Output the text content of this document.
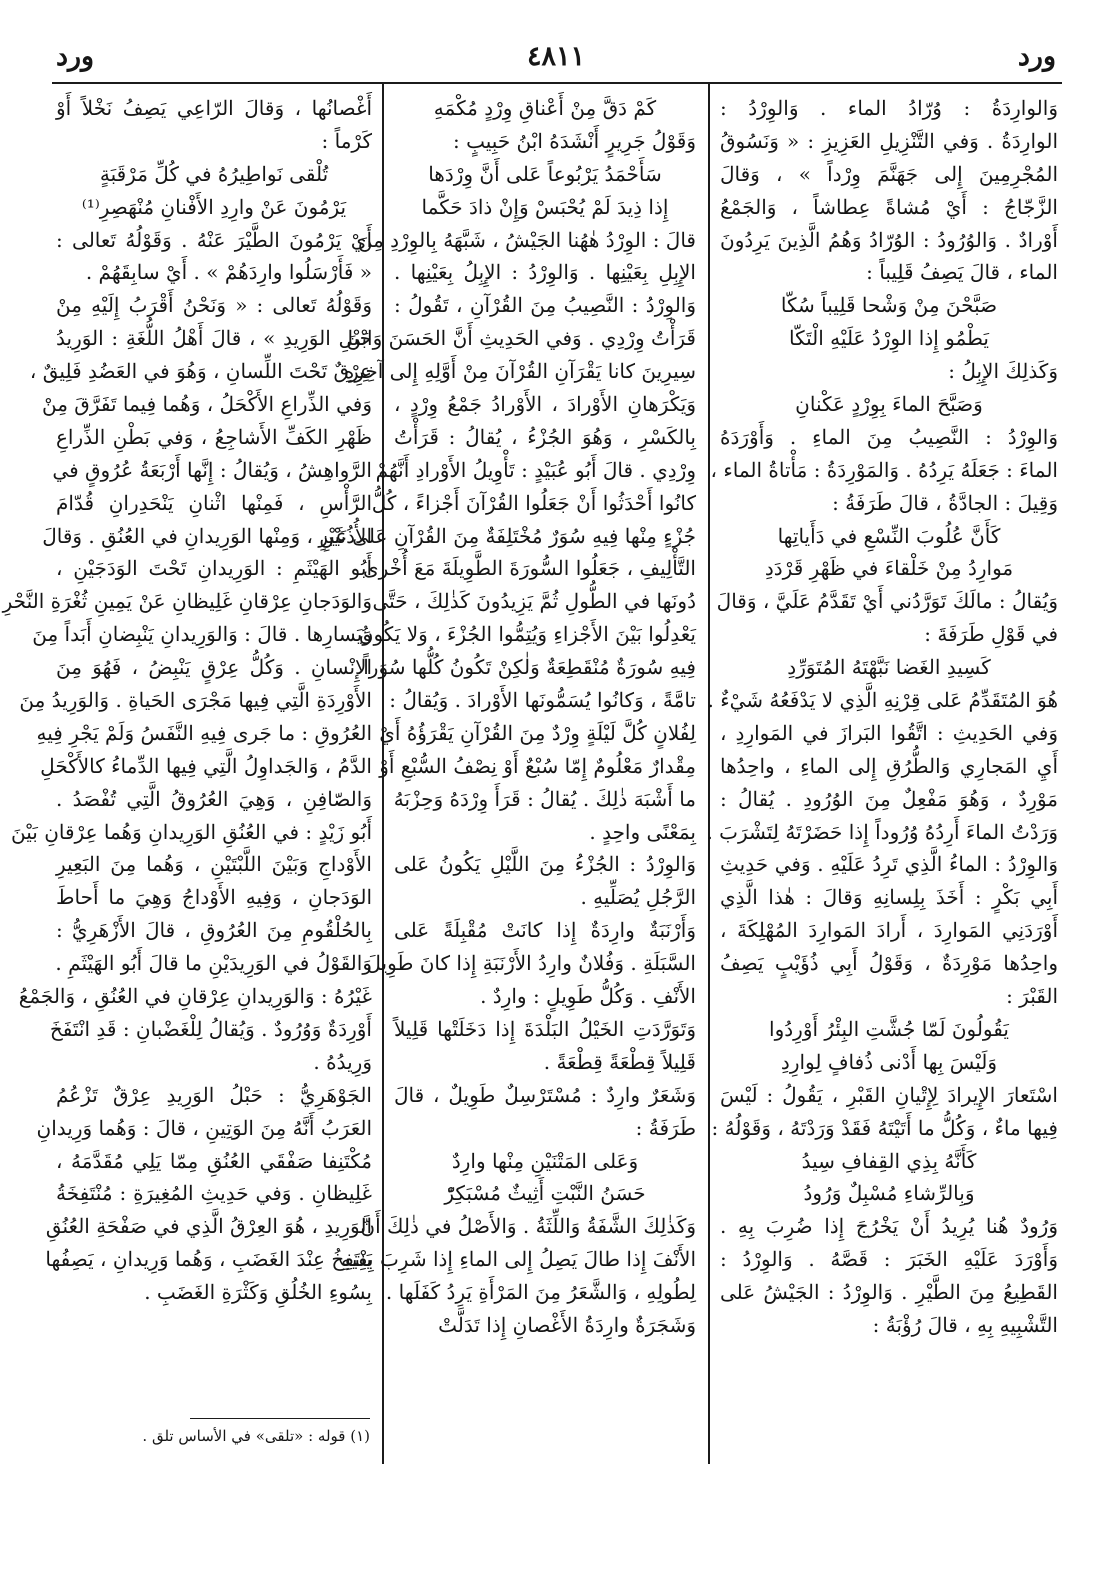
ورد
٤٨١١
ورد
وَالوارِدَةُ : وُرّادُ الماء . وَالوِرْدُ :
الوارِدَةُ . وَفي التَّنْزِيلِ العَزِيزِ : « وَنَسُوقُ
المُجْرِمِينَ إِلى جَهَنَّمَ وِرْداً » ، وَقالَ
الزَّجّاجُ : أَيْ مُشاةً عِطاشاً ، وَالجَمْعُ
أَوْرادٌ . وَالوُرُودُ : الوُرّادُ وَهُمُ الَّذِينَ يَرِدُونَ
الماء ، قالَ يَصِفُ قَلِيباً :
صَبَّحْنَ مِنْ وَشْحا قَلِيباً سُكّا
يَطْمُو إِذا الوِرْدُ عَلَيْهِ الْتَكّا
وَكَذلِكَ الإِبِلُ :
وَصَبَّحَ الماءَ بِوِرْدٍ عَكْنانِ
وَالوِرْدُ : النَّصِيبُ مِنَ الماءِ . وَأَوْرَدَهُ
الماءَ : جَعَلَهُ يَرِدُهُ . وَالمَوْرِدَةُ : مَأْتاةُ الماء ،
وَقِيلَ : الجادَّةُ ، قالَ طَرَفَةُ :
كَأَنَّ عُلُوبَ النِّسْعِ في دَأَياتِها
مَوارِدُ مِنْ خَلْقاءَ في ظَهْرِ قَرْدَدِ
وَيُقالُ : مالَكَ تَوَرَّدُني أَيْ تَقَدَّمُ عَلَيَّ ، وَقالَ
في قَوْلِ طَرَفَةَ :
كَسِيدِ الغَضا نَبَّهْتَهُ المُتَوَرِّدِ
هُوَ المُتَقَدِّمُ عَلى قِرْنِهِ الَّذِي لا يَدْفَعُهُ شَيْءٌ .
وَفي الحَدِيثِ : اتَّقُوا البَرازَ في المَوارِدِ ،
أَيِ المَجارِي وَالطُّرُقِ إِلى الماءِ ، واحِدُها
مَوْرِدٌ ، وَهُوَ مَفْعِلٌ مِنَ الوُرُودِ . يُقالُ :
وَرَدْتُ الماءَ أَرِدُهُ وُرُوداً إِذا حَضَرْتَهُ لِتَشْرَبَ .
وَالوِرْدُ : الماءُ الَّذِي تَرِدُ عَلَيْهِ . وَفي حَدِيثِ
أَبِي بَكْرٍ : أَخَذَ بِلِسانِهِ وَقالَ : هٰذا الَّذِي
أَوْرَدَنِي المَوارِدَ ، أَرادَ المَوارِدَ المُهْلِكَةَ ،
واحِدُها مَوْرِدَةٌ ، وَقَوْلُ أَبِي ذُؤَيْبٍ يَصِفُ
القَبْرَ :
يَقُولُونَ لَمّا جُشَّتِ البِئْرُ أَوْرِدُوا
وَلَيْسَ بِها أَدْنى ذُفافٍ لِوارِدِ
اسْتَعارَ الإِيرادَ لِإِتْيانِ القَبْرِ ، يَقُولُ : لَيْسَ
فِيها ماءٌ ، وَكُلُّ ما أَتَيْتَهُ فَقَدْ وَرَدْتَهُ ، وَقَوْلُهُ :
كَأَنَّهُ بِذِي القِفافِ سِيدُ
وَبِالرِّشاءِ مُسْبِلٌ وَرُودُ
وَرُودٌ هُنا يُرِيدُ أَنْ يَخْرُجَ إِذا ضُرِبَ بِهِ .
وَأَوْرَدَ عَلَيْهِ الخَبَرَ : قَصَّهُ . وَالوِرْدُ :
القَطِيعُ مِنَ الطَّيْرِ . وَالوِرْدُ : الجَيْشُ عَلى
التَّشْبِيهِ بِهِ ، قالَ رُؤْبَةُ :
كَمْ دَقَّ مِنْ أَعْناقِ وِرْدٍ مُكْمَهِ
وَقَوْلُ جَرِيرٍ أَنْشَدَهُ ابْنُ حَبِيبٍ :
سَأَحْمَدُ يَرْبُوعاً عَلى أَنَّ وِرْدَها
إِذا ذِيدَ لَمْ يُحْبَسْ وَإِنْ ذادَ حَكَّما
قالَ : الوِرْدُ هٰهُنا الجَيْشُ ، شَبَّهَهُ بِالوِرْدِ مِنَ
الإِبِلِ بِعَيْنِها . وَالوِرْدُ : الإِبِلُ بِعَيْنِها .
وَالوِرْدُ : النَّصِيبُ مِنَ القُرْآنِ ، تَقُولُ :
قَرَأْتُ وِرْدِي . وَفي الحَدِيثِ أَنَّ الحَسَنَ وَابْنَ
سِيرِينَ كانا يَقْرَآنِ القُرْآنَ مِنْ أَوَّلِهِ إِلى آخِرِهِ
وَيَكْرَهانِ الأَوْرادَ ، الأَوْرادُ جَمْعُ وِرْدٍ ،
بِالكَسْرِ ، وَهُوَ الجُزْءُ ، يُقالُ : قَرَأْتُ
وِرْدِي . قالَ أَبُو عُبَيْدٍ : تَأْوِيلُ الأَوْرادِ أَنَّهُمْ
كانُوا أَحْدَثُوا أَنْ جَعَلُوا القُرْآنَ أَجْزاءً ، كُلُّ
جُزْءٍ مِنْها فِيهِ سُوَرٌ مُخْتَلِفَةٌ مِنَ القُرْآنِ عَلى غَيْرِ
التَّأْلِيفِ ، جَعَلُوا السُّورَةَ الطَّوِيلَةَ مَعَ أُخْرى
دُونَها في الطُّولِ ثُمَّ يَزِيدُونَ كَذٰلِكَ ، حَتَّى
يَعْدِلُوا بَيْنَ الأَجْزاءِ وَيُتِمُّوا الجُزْءَ ، وَلا يَكُونُ
فِيهِ سُورَةٌ مُنْقَطِعَةٌ وَلٰكِنْ تَكُونُ كُلُّها سُوَراً
تامَّةً ، وَكانُوا يُسَمُّونَها الأَوْرادَ . وَيُقالُ :
لِفُلانٍ كُلَّ لَيْلَةٍ وِرْدٌ مِنَ القُرْآنِ يَقْرَؤُهُ أَيْ
مِقْدارٌ مَعْلُومٌ إِمّا سُبْعٌ أَوْ نِصْفُ السُّبْعِ أَوْ
ما أَشْبَهَ ذٰلِكَ . يُقالُ : قَرَأَ وِرْدَهُ وَحِزْبَهُ
بِمَعْنًى واحِدٍ .
وَالوِرْدُ : الجُزْءُ مِنَ اللَّيْلِ يَكُونُ عَلى
الرَّجُلِ يُصَلِّيهِ .
وَأَرْنَبَةٌ وارِدَةٌ إِذا كانَتْ مُقْبِلَةً عَلى
السَّبَلَةِ . وَفُلانٌ وارِدُ الأَرْنَبَةِ إِذا كانَ طَوِيلَ
الأَنْفِ . وَكُلُّ طَوِيلٍ : وارِدٌ .
وَتَوَرَّدَتِ الخَيْلُ البَلْدَةَ إِذا دَخَلَتْها قَلِيلاً
قَلِيلاً قِطْعَةً قِطْعَةً .
وَشَعَرٌ وارِدٌ : مُسْتَرْسِلٌ طَوِيلٌ ، قالَ
طَرَفَةُ :
وَعَلى المَتْنَيْنِ مِنْها وارِدٌ
حَسَنُ النَّبْتِ أَثِيثٌ مُسْبَكِرّْ
وَكَذٰلِكَ الشَّفَةُ وَاللِّثَةُ . وَالأَصْلُ في ذٰلِكَ أَنَّ
الأَنْفَ إِذا طالَ يَصِلُ إِلى الماءِ إِذا شَرِبَ بِفِيهِ
لِطُولِهِ ، وَالشَّعَرُ مِنَ المَرْأَةِ يَرِدُ كَفَلَها .
وَشَجَرَةٌ وارِدَةُ الأَغْصانِ إِذا تَدَلَّتْ
أَغْصانُها ، وَقالَ الرّاعِي يَصِفُ نَخْلاً أَوْ
كَرْماً :
تُلْقى نَواطِيرُهُ في كُلِّ مَرْقَبَةٍ
يَرْمُونَ عَنْ وارِدِ الأَفْنانِ مُنْهَصِرِ⁽¹⁾
أَيْ يَرْمُونَ الطَّيْرَ عَنْهُ . وَقَوْلُهُ تَعالى :
« فَأَرْسَلُوا وارِدَهُمْ » . أَيْ سابِقَهُمْ .
وَقَوْلُهُ تَعالى : « وَنَحْنُ أَقْرَبُ إِلَيْهِ مِنْ
حَبْلِ الوَرِيدِ » ، قالَ أَهْلُ اللُّغَةِ : الوَرِيدُ
عِرْقٌ تَحْتَ اللِّسانِ ، وَهُوَ في العَضُدِ فَلِيقٌ ،
وَفي الذِّراعِ الأَكْحَلُ ، وَهُما فِيما تَفَرَّقَ مِنْ
ظَهْرِ الكَفِّ الأَشاجِعُ ، وَفي بَطْنِ الذِّراعِ
الرَّواهِشُ ، وَيُقالُ : إِنَّها أَرْبَعَةُ عُرُوقٍ في
الرَّأْسِ ، فَمِنْها اثْنانِ يَنْحَدِرانِ قُدّامَ
الأُذُنَيْنِ ، وَمِنْها الوَرِيدانِ في العُنُقِ . وَقالَ
أَبُو الهَيْثَمِ : الوَرِيدانِ تَحْتَ الوَدَجَيْنِ ،
وَالوَدَجانِ عِرْقانِ غَلِيظانِ عَنْ يَمِينِ ثُغْرَةِ النَّحْرِ
وَيَسارِها . قالَ : وَالوَرِيدانِ يَنْبِضانِ أَبَداً مِنَ
الإِنْسانِ . وَكُلُّ عِرْقٍ يَنْبِضُ ، فَهُوَ مِنَ
الأَوْرِدَةِ الَّتِي فِيها مَجْرَى الحَياةِ . وَالوَرِيدُ مِنَ
العُرُوقِ : ما جَرى فِيهِ النَّفَسُ وَلَمْ يَجْرِ فِيهِ
الدَّمُ ، وَالجَداوِلُ الَّتِي فِيها الدِّماءُ كالأَكْحَلِ
وَالصّافِنِ ، وَهِيَ العُرُوقُ الَّتِي تُفْصَدُ .
أَبُو زَيْدٍ : في العُنُقِ الوَرِيدانِ وَهُما عِرْقانِ بَيْنَ
الأَوْداجِ وَبَيْنَ اللَّبْتَيْنِ ، وَهُما مِنَ البَعِيرِ
الوَدَجانِ ، وَفِيهِ الأَوْداجُ وَهِيَ ما أَحاطَ
بِالحُلْقُومِ مِنَ العُرُوقِ ، قالَ الأَزْهَرِيُّ :
وَالقَوْلُ في الوَرِيدَيْنِ ما قالَ أَبُو الهَيْثَمِ .
غَيْرُهُ : وَالوَرِيدانِ عِرْقانِ في العُنُقِ ، وَالجَمْعُ
أَوْرِدَةٌ وَوُرُودٌ . وَيُقالُ لِلْغَضْبانِ : قَدِ انْتَفَخَ
وَرِيدُهُ .
الجَوْهَرِيُّ : حَبْلُ الوَرِيدِ عِرْقٌ تَزْعُمُ
العَرَبُ أَنَّهُ مِنَ الوَتِينِ ، قالَ : وَهُما وَرِيدانِ
مُكْتَنِفا صَفْقَي العُنُقِ مِمّا يَلِي مُقَدَّمَهُ ،
غَلِيظانِ . وَفي حَدِيثِ المُغِيرَةِ : مُنْتَفِخَةُ
الوَرِيدِ ، هُوَ العِرْقُ الَّذِي في صَفْحَةِ العُنُقِ
يَنْتَفِخُ عِنْدَ الغَضَبِ ، وَهُما وَرِيدانِ ، يَصِفُها
بِسُوءِ الخُلُقِ وَكَثْرَةِ الغَضَبِ .
(١) قوله : «تلقى» في الأساس تلق .
